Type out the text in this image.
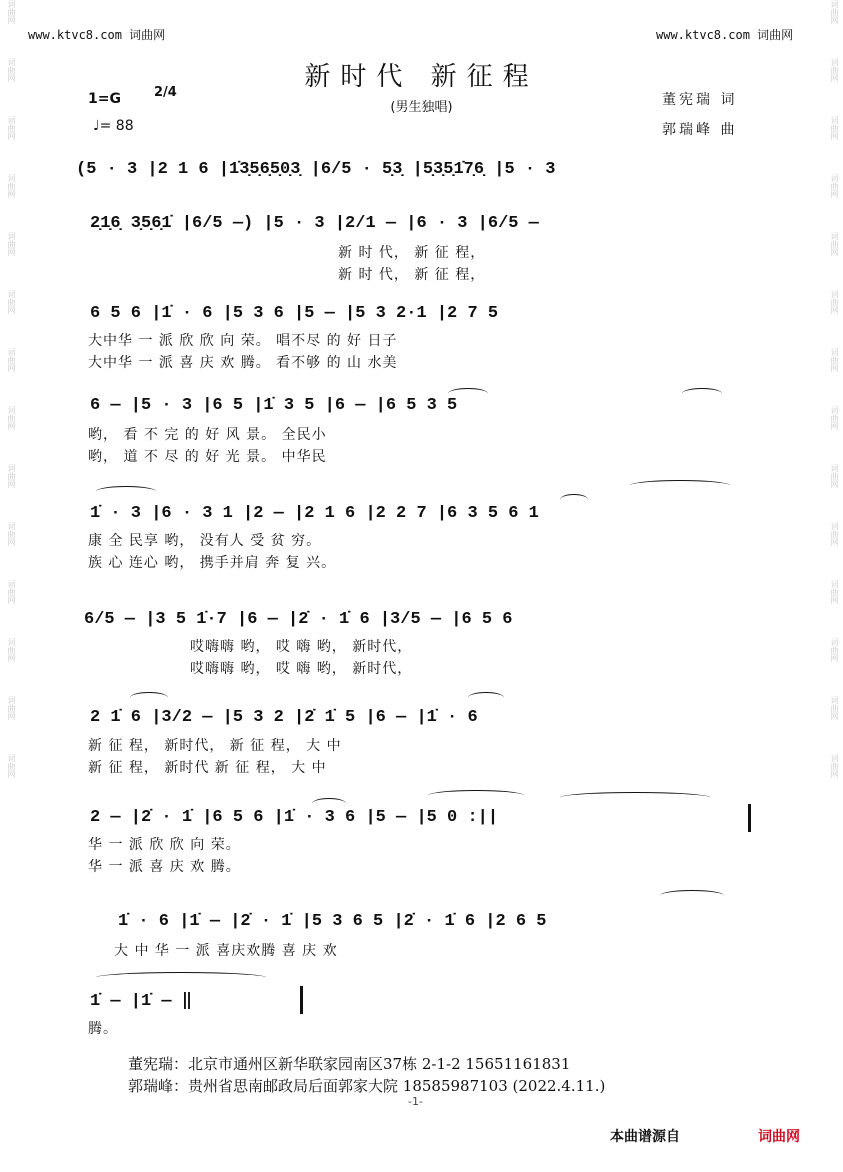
词曲网
词曲网
词曲网
词曲网
词曲网
词曲网
词曲网
词曲网
词曲网
词曲网
词曲网
词曲网
词曲网
词曲网
词曲网
词曲网
词曲网
词曲网
词曲网
词曲网
词曲网
词曲网
词曲网
词曲网
词曲网
词曲网
词曲网
词曲网
www.ktvc8.com 词曲网	www.ktvc8.com 词曲网
新时代 新征程
(男生独唱)
1=G	2/4
♩= 88
董宪瑞 词
郭瑞峰 曲
(5 · 3 |2 1 6 |1̇3̣5̣6̣5̣0̣3̣ |6/5 · 5̣3̣ |5̣3̣5̣1̇7̣6̣ |5 · 3
2̣1̣6̣ 3̣5̣6̣1̇ |6/5 —) |5 · 3 |2/1 — |6 · 3 |6/5 —
新 时 代， 新 征 程，
新 时 代， 新 征 程，
6 5 6 |1̇ · 6 |5 3 6 |5 — |5 3 2·1 |2 7 5
大中华 一 派 欣 欣 向 荣。 唱不尽 的 好 日子
大中华 一 派 喜 庆 欢 腾。 看不够 的 山 水美
6 — |5 · 3 |6 5 |1̇ 3 5 |6 — |6 5 3 5
哟， 看 不 完 的 好 风 景。 全民小
哟， 道 不 尽 的 好 光 景。 中华民
1̇ · 3 |6 · 3 1 |2 — |2 1 6 |2 2 7 |6 3 5 6 1
康 全 民享 哟， 没有人 受 贫 穷。
族 心 连心 哟， 携手并肩 奔 复 兴。
6/5 — |3 5 1̇·7 |6 — |2̇ · 1̇ 6 |3/5 — |6 5 6
哎嗨嗨 哟， 哎 嗨 哟， 新时代，
哎嗨嗨 哟， 哎 嗨 哟， 新时代，
2 1̇ 6 |3/2 — |5 3 2 |2̇ 1̇ 5 |6 — |1̇ · 6
新 征 程， 新时代， 新 征 程， 大 中
新 征 程， 新时代 新 征 程， 大 中
2 — |2̇ · 1̇ |6 5 6 |1̇ · 3 6 |5 — |5 0 :||
华 一 派 欣 欣 向 荣。
华 一 派 喜 庆 欢 腾。
1̇ · 6 |1̇ — |2̇ · 1̇ |5 3 6 5 |2̇ · 1̇ 6 |2 6 5
大 中 华 一 派 喜庆欢腾 喜 庆 欢
1̇ — |1̇ — ‖
腾。
董宪瑞：北京市通州区新华联家园南区37栋 2-1-2 15651161831
郭瑞峰：贵州省思南邮政局后面郭家大院 18585987103 (2022.4.11.)
-1-
本曲谱源自	词曲网
